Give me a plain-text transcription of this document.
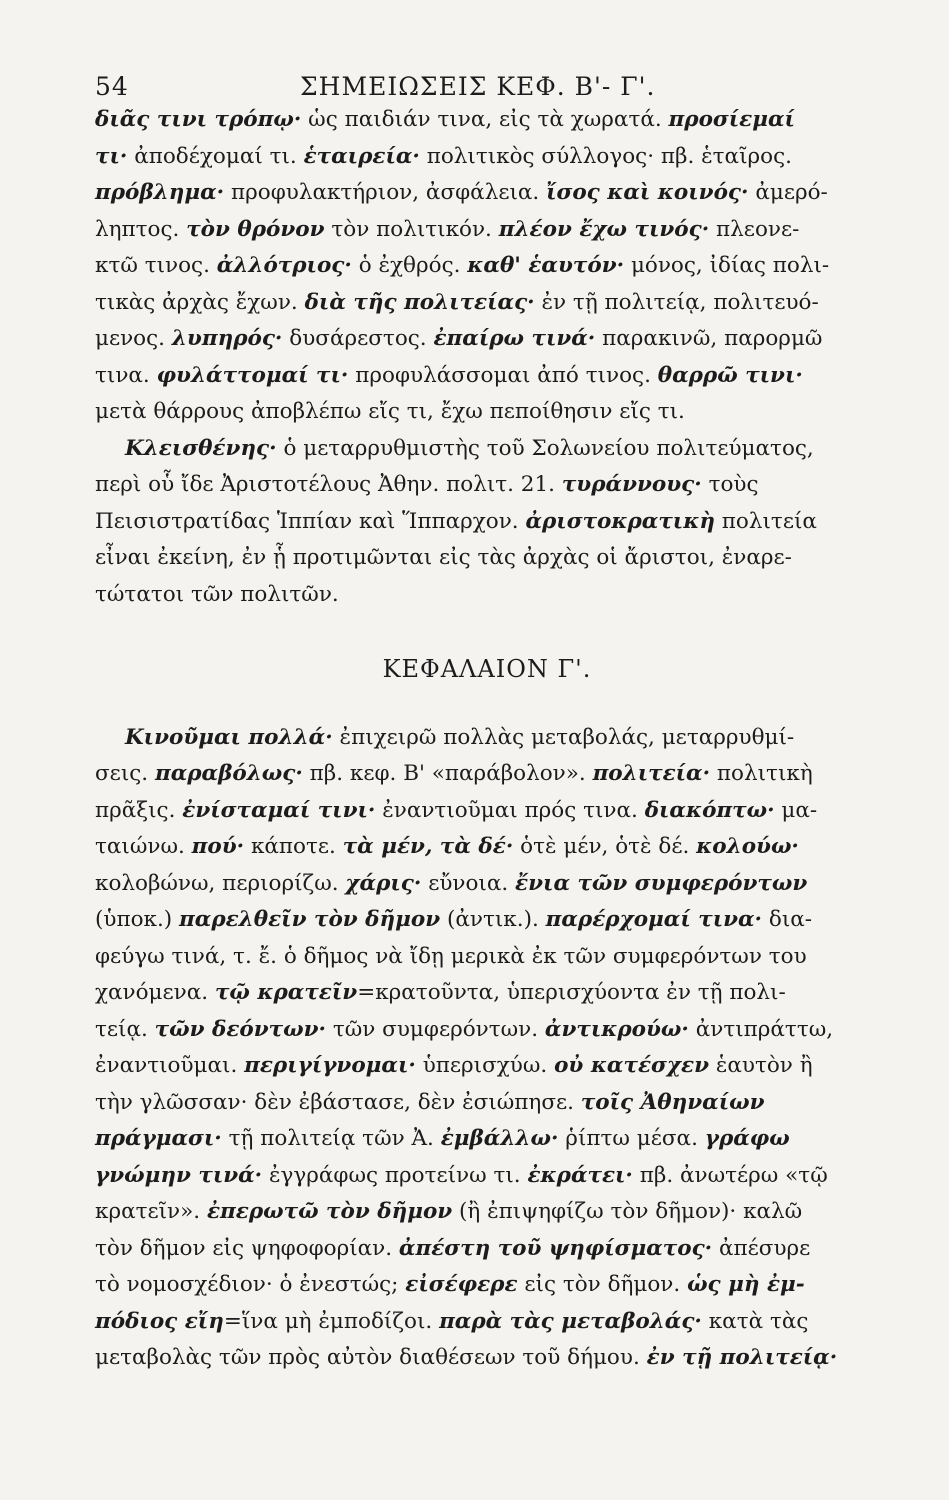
54	ΣΗΜΕΙΩΣΕΙΣ ΚΕΦ. Β'- Γ'.
διᾶς τινι τρόπῳ· ὡς παιδιάν τινα, εἰς τὰ χωρατά. προσίεμαί
τι· ἀποδέχομαί τι. ἑταιρεία· πολιτικὸς σύλλογος· πβ. ἑταῖρος.
πρόβλημα· προφυλακτήριον, ἀσφάλεια. ἴσος καὶ κοινός· ἀμερό-
ληπτος. τὸν θρόνον τὸν πολιτικόν. πλέον ἔχω τινός· πλεονε-
κτῶ τινος. ἀλλότριος· ὁ ἐχθρός. καθ' ἑαυτόν· μόνος, ἰδίας πολι-
τικὰς ἀρχὰς ἔχων. διὰ τῆς πολιτείας· ἐν τῇ πολιτείᾳ, πολιτευό-
μενος. λυπηρός· δυσάρεστος. ἐπαίρω τινά· παρακινῶ, παρορμῶ
τινα. φυλάττομαί τι· προφυλάσσομαι ἀπό τινος. θαρρῶ τινι·
μετὰ θάρρους ἀποβλέπω εἴς τι, ἔχω πεποίθησιν εἴς τι.
Κλεισθένης· ὁ μεταρρυθμιστὴς τοῦ Σολωνείου πολιτεύματος,
περὶ οὗ ἴδε Ἀριστοτέλους Ἀθην. πολιτ. 21. τυράννους· τοὺς
Πεισιστρατίδας Ἱππίαν καὶ Ἵππαρχον. ἀριστοκρατικὴ πολιτεία
εἶναι ἐκείνη, ἐν ᾗ προτιμῶνται εἰς τὰς ἀρχὰς οἱ ἄριστοι, ἐναρε-
τώτατοι τῶν πολιτῶν.
ΚΕΦΑΛΑΙΟΝ Γ'.
Κινοῦμαι πολλά· ἐπιχειρῶ πολλὰς μεταβολάς, μεταρρυθμί-
σεις. παραβόλως· πβ. κεφ. Β' «παράβολον». πολιτεία· πολιτικὴ
πρᾶξις. ἐνίσταμαί τινι· ἐναντιοῦμαι πρός τινα. διακόπτω· μα-
ταιώνω. πού· κάποτε. τὰ μέν, τὰ δέ· ὁτὲ μέν, ὁτὲ δέ. κολούω·
κολοβώνω, περιορίζω. χάρις· εὔνοια. ἔνια τῶν συμφερόντων
(ὑποκ.) παρελθεῖν τὸν δῆμον (ἀντικ.). παρέρχομαί τινα· δια-
φεύγω τινά, τ. ἔ. ὁ δῆμος νὰ ἴδῃ μερικὰ ἐκ τῶν συμφερόντων του
χανόμενα. τῷ κρατεῖν=κρατοῦντα, ὑπερισχύοντα ἐν τῇ πολι-
τείᾳ. τῶν δεόντων· τῶν συμφερόντων. ἀντικρούω· ἀντιπράττω,
ἐναντιοῦμαι. περιγίγνομαι· ὑπερισχύω. οὐ κατέσχεν ἑαυτὸν ἢ
τὴν γλῶσσαν· δὲν ἐβάστασε, δὲν ἐσιώπησε. τοῖς Ἀθηναίων
πράγμασι· τῇ πολιτείᾳ τῶν Ἀ. ἐμβάλλω· ῥίπτω μέσα. γράφω
γνώμην τινά· ἐγγράφως προτείνω τι. ἐκράτει· πβ. ἀνωτέρω «τῷ
κρατεῖν». ἐπερωτῶ τὸν δῆμον (ἢ ἐπιψηφίζω τὸν δῆμον)· καλῶ
τὸν δῆμον εἰς ψηφοφορίαν. ἀπέστη τοῦ ψηφίσματος· ἀπέσυρε
τὸ νομοσχέδιον· ὁ ἐνεστώς; εἰσέφερε εἰς τὸν δῆμον. ὡς μὴ ἐμ-
πόδιος εἴη=ἵνα μὴ ἐμποδίζοι. παρὰ τὰς μεταβολάς· κατὰ τὰς
μεταβολὰς τῶν πρὸς αὐτὸν διαθέσεων τοῦ δήμου. ἐν τῇ πολιτείᾳ·
